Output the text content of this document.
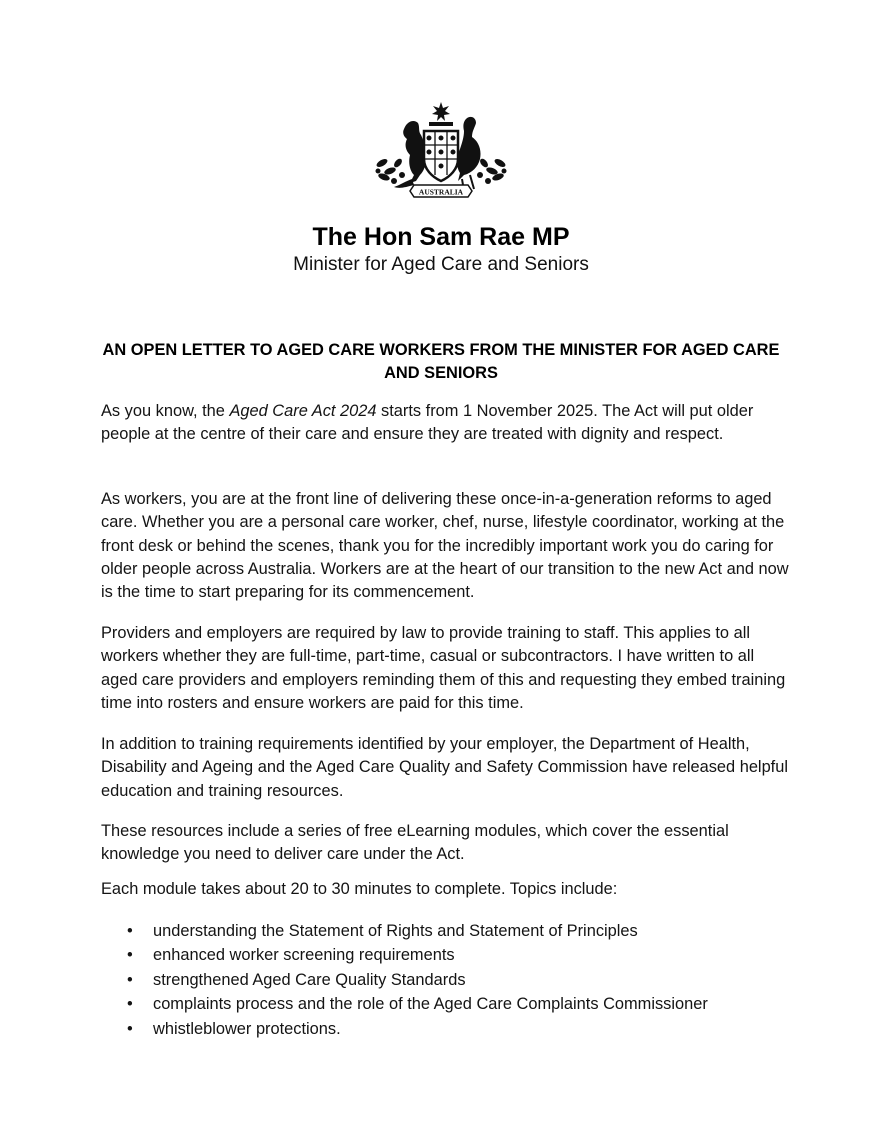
AUSTRALIA
The Hon Sam Rae MP
Minister for Aged Care and Seniors
AN OPEN LETTER TO AGED CARE WORKERS FROM THE MINISTER FOR AGED CARE AND SENIORS

As you know, the Aged Care Act 2024 starts from 1 November 2025. The Act will put older people at the centre of their care and ensure they are treated with dignity and respect.

As workers, you are at the front line of delivering these once-in-a-generation reforms to aged care. Whether you are a personal care worker, chef, nurse, lifestyle coordinator, working at the front desk or behind the scenes, thank you for the incredibly important work you do caring for older people across Australia. Workers are at the heart of our transition to the new Act and now is the time to start preparing for its commencement.

Providers and employers are required by law to provide training to staff. This applies to all workers whether they are full-time, part-time, casual or subcontractors. I have written to all aged care providers and employers reminding them of this and requesting they embed training time into rosters and ensure workers are paid for this time.

In addition to training requirements identified by your employer, the Department of Health, Disability and Ageing and the Aged Care Quality and Safety Commission have released helpful education and training resources.

These resources include a series of free eLearning modules, which cover the essential knowledge you need to deliver care under the Act.

Each module takes about 20 to 30 minutes to complete. Topics include:

• understanding the Statement of Rights and Statement of Principles
• enhanced worker screening requirements
• strengthened Aged Care Quality Standards
• complaints process and the role of the Aged Care Complaints Commissioner
• whistleblower protections.
